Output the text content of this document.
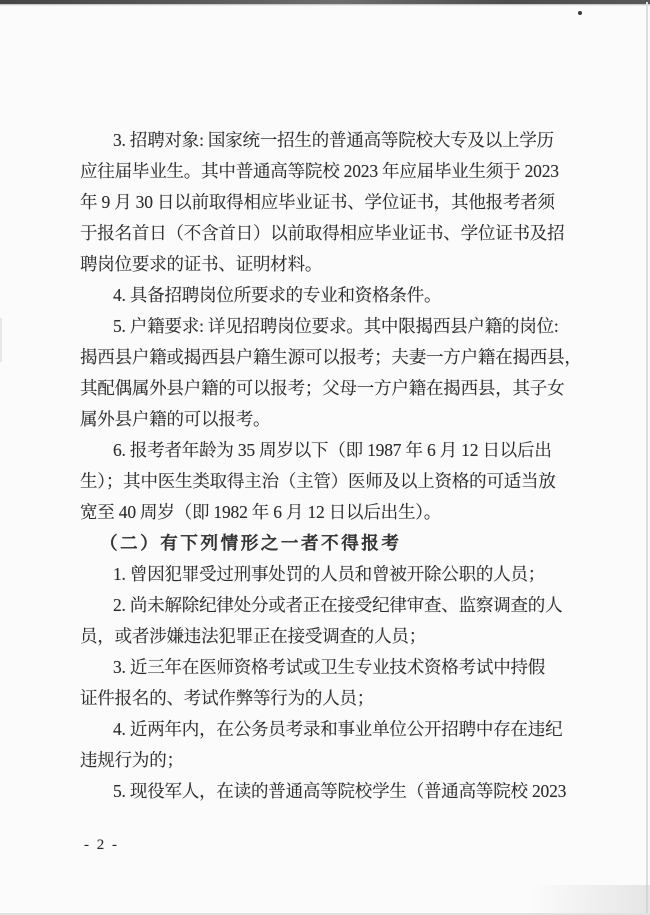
3. 招聘对象: 国家统一招生的普通高等院校大专及以上学历
应往届毕业生。其中普通高等院校 2023 年应届毕业生须于 2023
年 9 月 30 日以前取得相应毕业证书、学位证书，其他报考者须
于报名首日（不含首日）以前取得相应毕业证书、学位证书及招
聘岗位要求的证书、证明材料。
4. 具备招聘岗位所要求的专业和资格条件。
5. 户籍要求: 详见招聘岗位要求。其中限揭西县户籍的岗位:
揭西县户籍或揭西县户籍生源可以报考；夫妻一方户籍在揭西县，
其配偶属外县户籍的可以报考；父母一方户籍在揭西县，其子女
属外县户籍的可以报考。
6. 报考者年龄为 35 周岁以下（即 1987 年 6 月 12 日以后出
生）；其中医生类取得主治（主管）医师及以上资格的可适当放
宽至 40 周岁（即 1982 年 6 月 12 日以后出生）。
（二）有下列情形之一者不得报考
1. 曾因犯罪受过刑事处罚的人员和曾被开除公职的人员；
2. 尚未解除纪律处分或者正在接受纪律审查、监察调查的人
员，或者涉嫌违法犯罪正在接受调查的人员；
3. 近三年在医师资格考试或卫生专业技术资格考试中持假
证件报名的、考试作弊等行为的人员；
4. 近两年内，在公务员考录和事业单位公开招聘中存在违纪
违规行为的；
5. 现役军人，在读的普通高等院校学生（普通高等院校 2023
- 2 -
